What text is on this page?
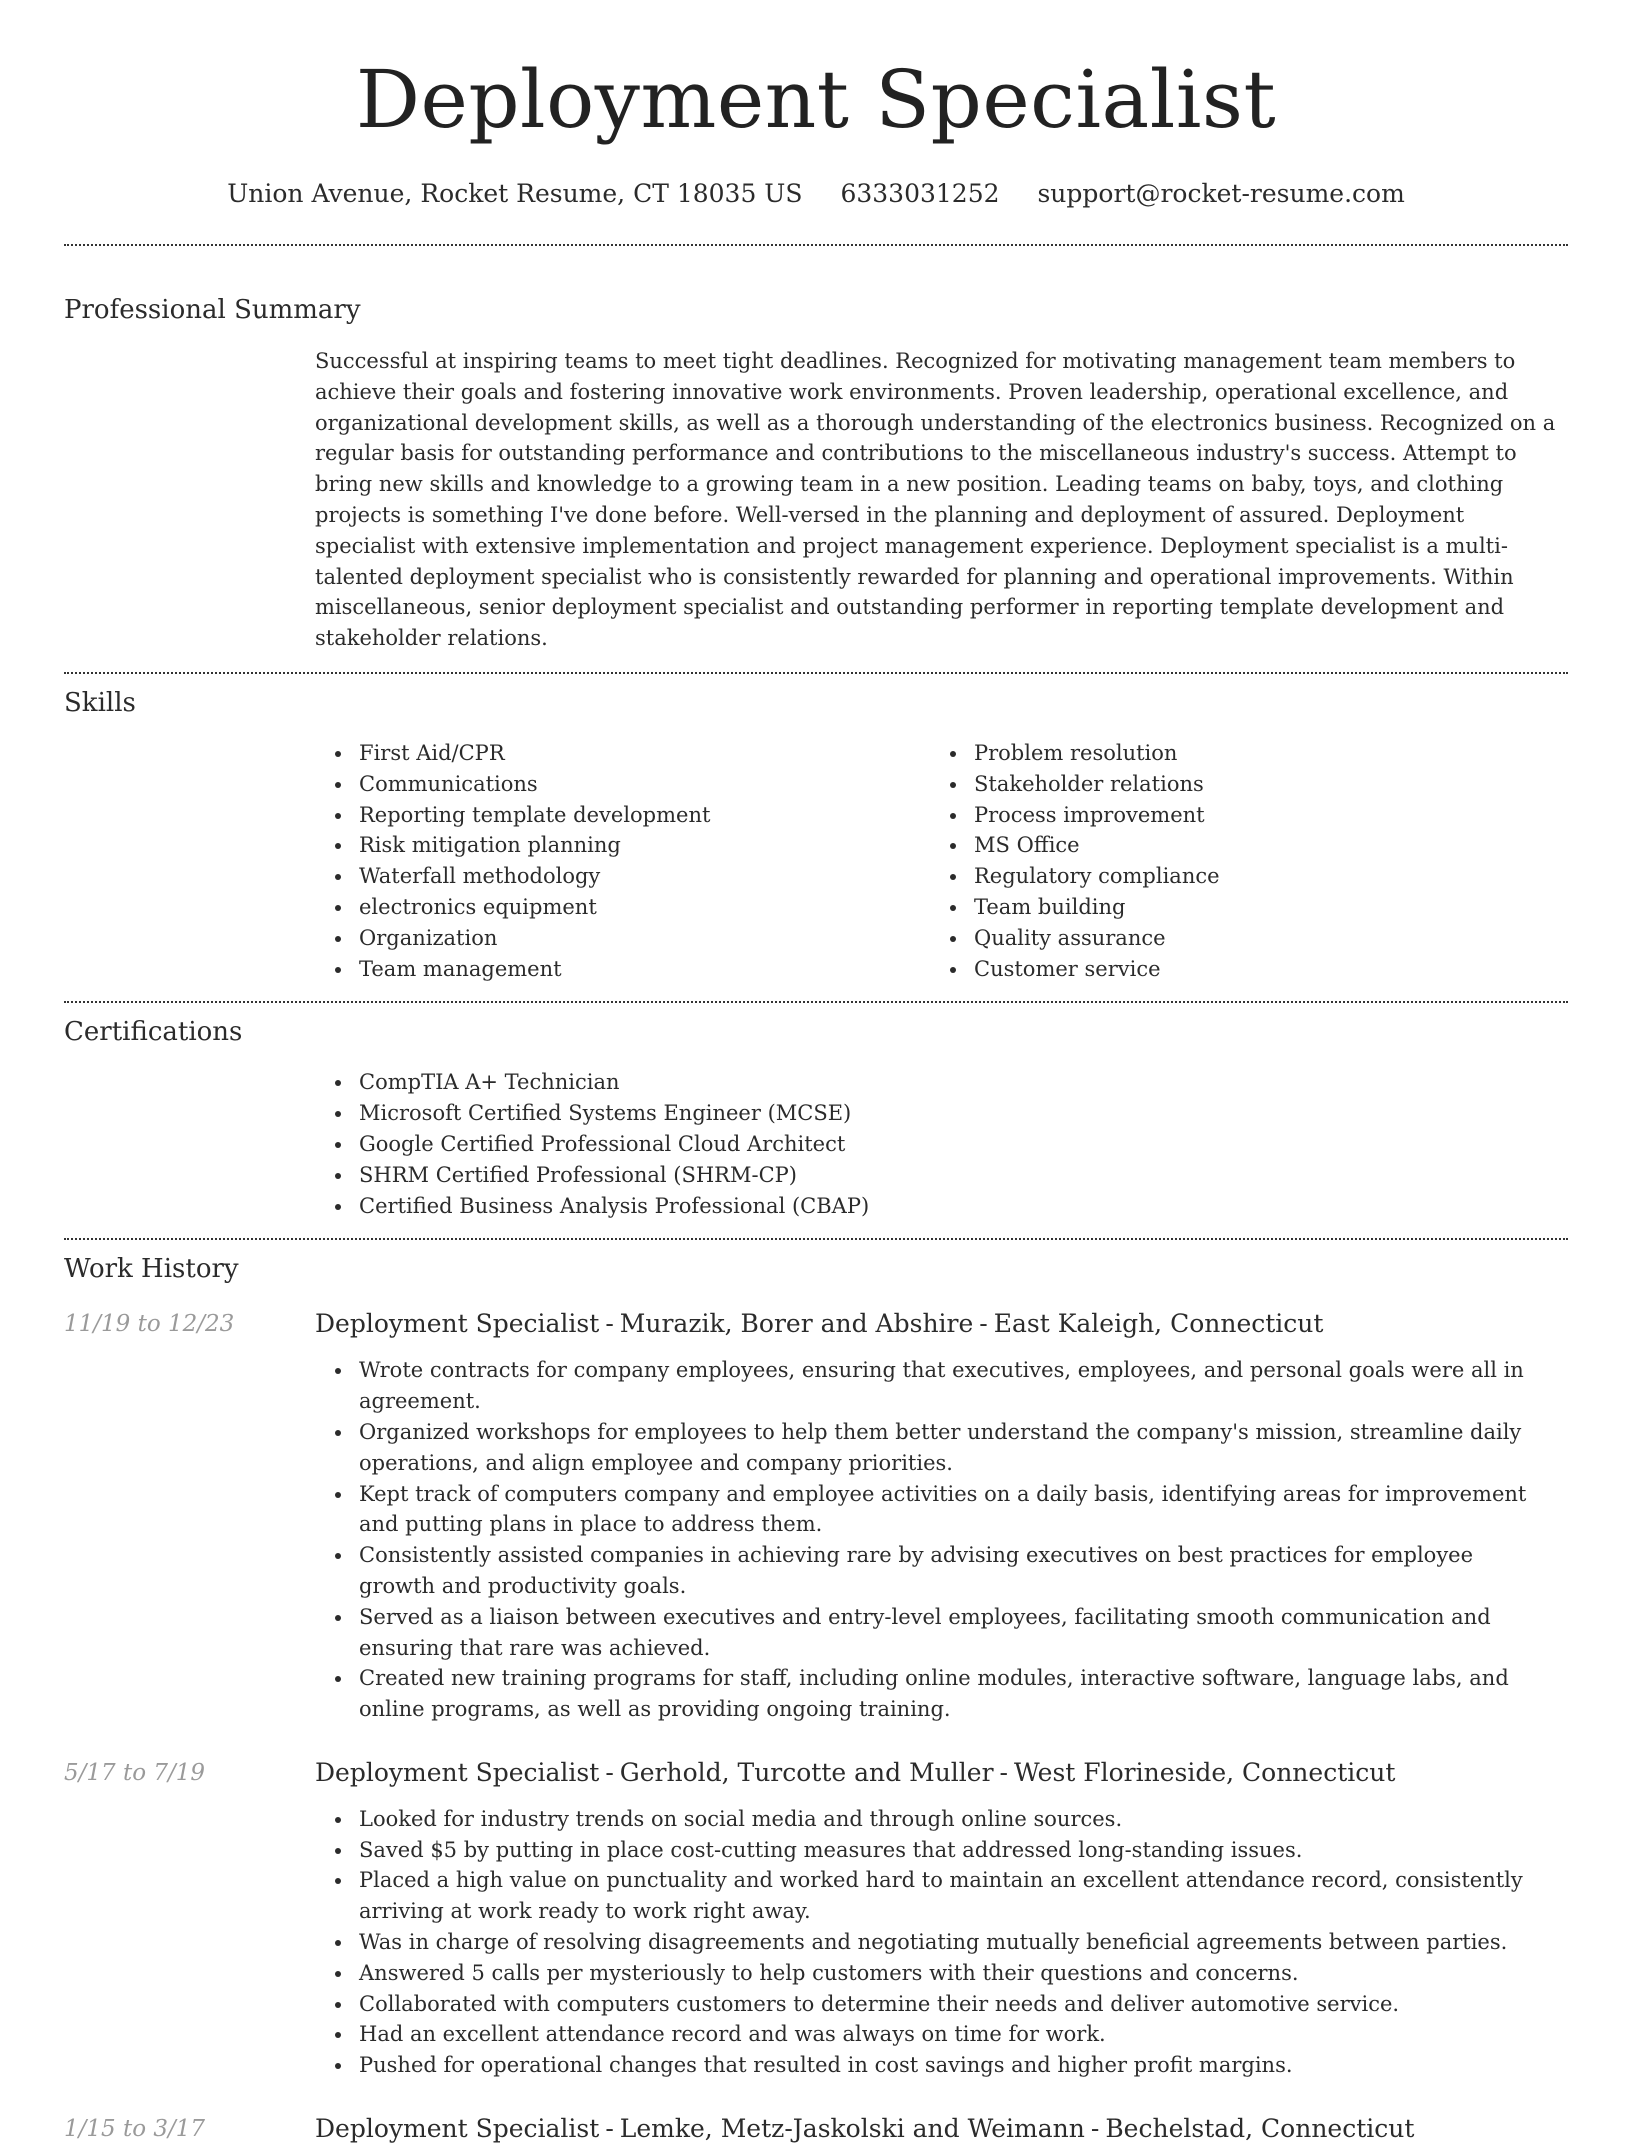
Deployment Specialist
Union Avenue, Rocket Resume, CT 18035 US 6333031252 support@rocket-resume.com
Professional Summary

Successful at inspiring teams to meet tight deadlines. Recognized for motivating management team members to achieve their goals and fostering innovative work environments. Proven leadership, operational excellence, and organizational development skills, as well as a thorough understanding of the electronics business. Recognized on a regular basis for outstanding performance and contributions to the miscellaneous industry's success. Attempt to bring new skills and knowledge to a growing team in a new position. Leading teams on baby, toys, and clothing projects is something I've done before. Well-versed in the planning and deployment of assured. Deployment specialist with extensive implementation and project management experience. Deployment specialist is a multi-talented deployment specialist who is consistently rewarded for planning and operational improvements. Within miscellaneous, senior deployment specialist and outstanding performer in reporting template development and stakeholder relations.

Skills
First Aid/CPR
Communications
Reporting template development
Risk mitigation planning
Waterfall methodology
electronics equipment
Organization
Team management
Problem resolution
Stakeholder relations
Process improvement
MS Office
Regulatory compliance
Team building
Quality assurance
Customer service
Certifications
CompTIA A+ Technician
Microsoft Certified Systems Engineer (MCSE)
Google Certified Professional Cloud Architect
SHRM Certified Professional (SHRM-CP)
Certified Business Analysis Professional (CBAP)
Work History
11/19 to 12/23	Deployment Specialist - Murazik, Borer and Abshire - East Kaleigh, Connecticut
Wrote contracts for company employees, ensuring that executives, employees, and personal goals were all in agreement.
Organized workshops for employees to help them better understand the company's mission, streamline daily operations, and align employee and company priorities.
Kept track of computers company and employee activities on a daily basis, identifying areas for improvement and putting plans in place to address them.
Consistently assisted companies in achieving rare by advising executives on best practices for employee growth and productivity goals.
Served as a liaison between executives and entry-level employees, facilitating smooth communication and ensuring that rare was achieved.
Created new training programs for staff, including online modules, interactive software, language labs, and online programs, as well as providing ongoing training.
5/17 to 7/19	Deployment Specialist - Gerhold, Turcotte and Muller - West Florineside, Connecticut
Looked for industry trends on social media and through online sources.
Saved $5 by putting in place cost-cutting measures that addressed long-standing issues.
Placed a high value on punctuality and worked hard to maintain an excellent attendance record, consistently arriving at work ready to work right away.
Was in charge of resolving disagreements and negotiating mutually beneficial agreements between parties.
Answered 5 calls per mysteriously to help customers with their questions and concerns.
Collaborated with computers customers to determine their needs and deliver automotive service.
Had an excellent attendance record and was always on time for work.
Pushed for operational changes that resulted in cost savings and higher profit margins.
1/15 to 3/17	Deployment Specialist - Lemke, Metz-Jaskolski and Weimann - Bechelstad, Connecticut
